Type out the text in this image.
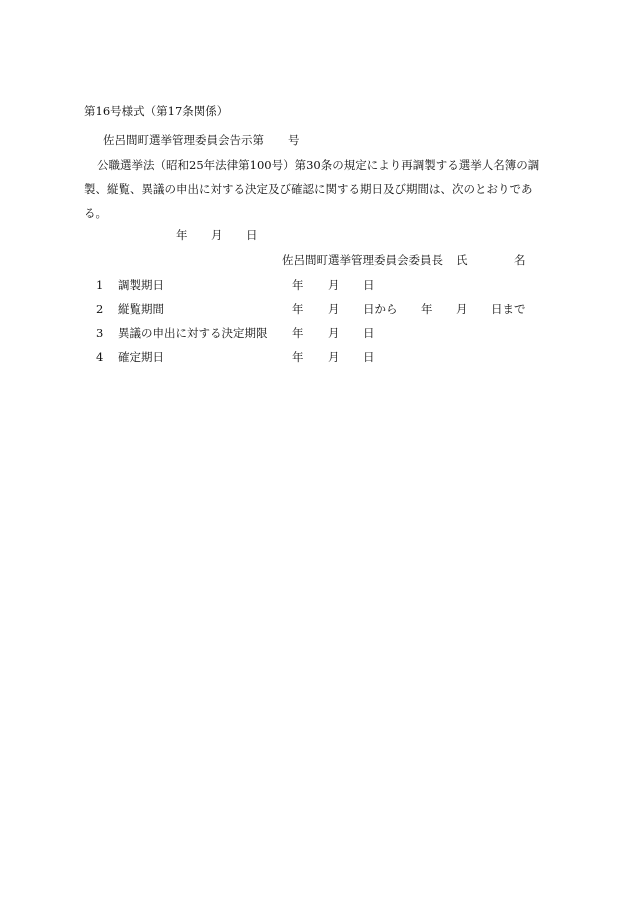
第16号様式（第17条関係）
佐呂間町選挙管理委員会告示第 号
公職選挙法（昭和25年法律第100号）第30条の規定により再調製する選挙人名簿の調
製、縦覧、異議の申出に対する決定及び確認に関する期日及び期間は、次のとおりであ
る。
年 月 日
佐呂間町選挙管理委員会委員長 氏	名
1 調製期日	年 月 日
2 縦覧期間	年 月 日から 年 月 日まで
3 異議の申出に対する決定期限 年 月 日
4 確定期日	年 月 日
